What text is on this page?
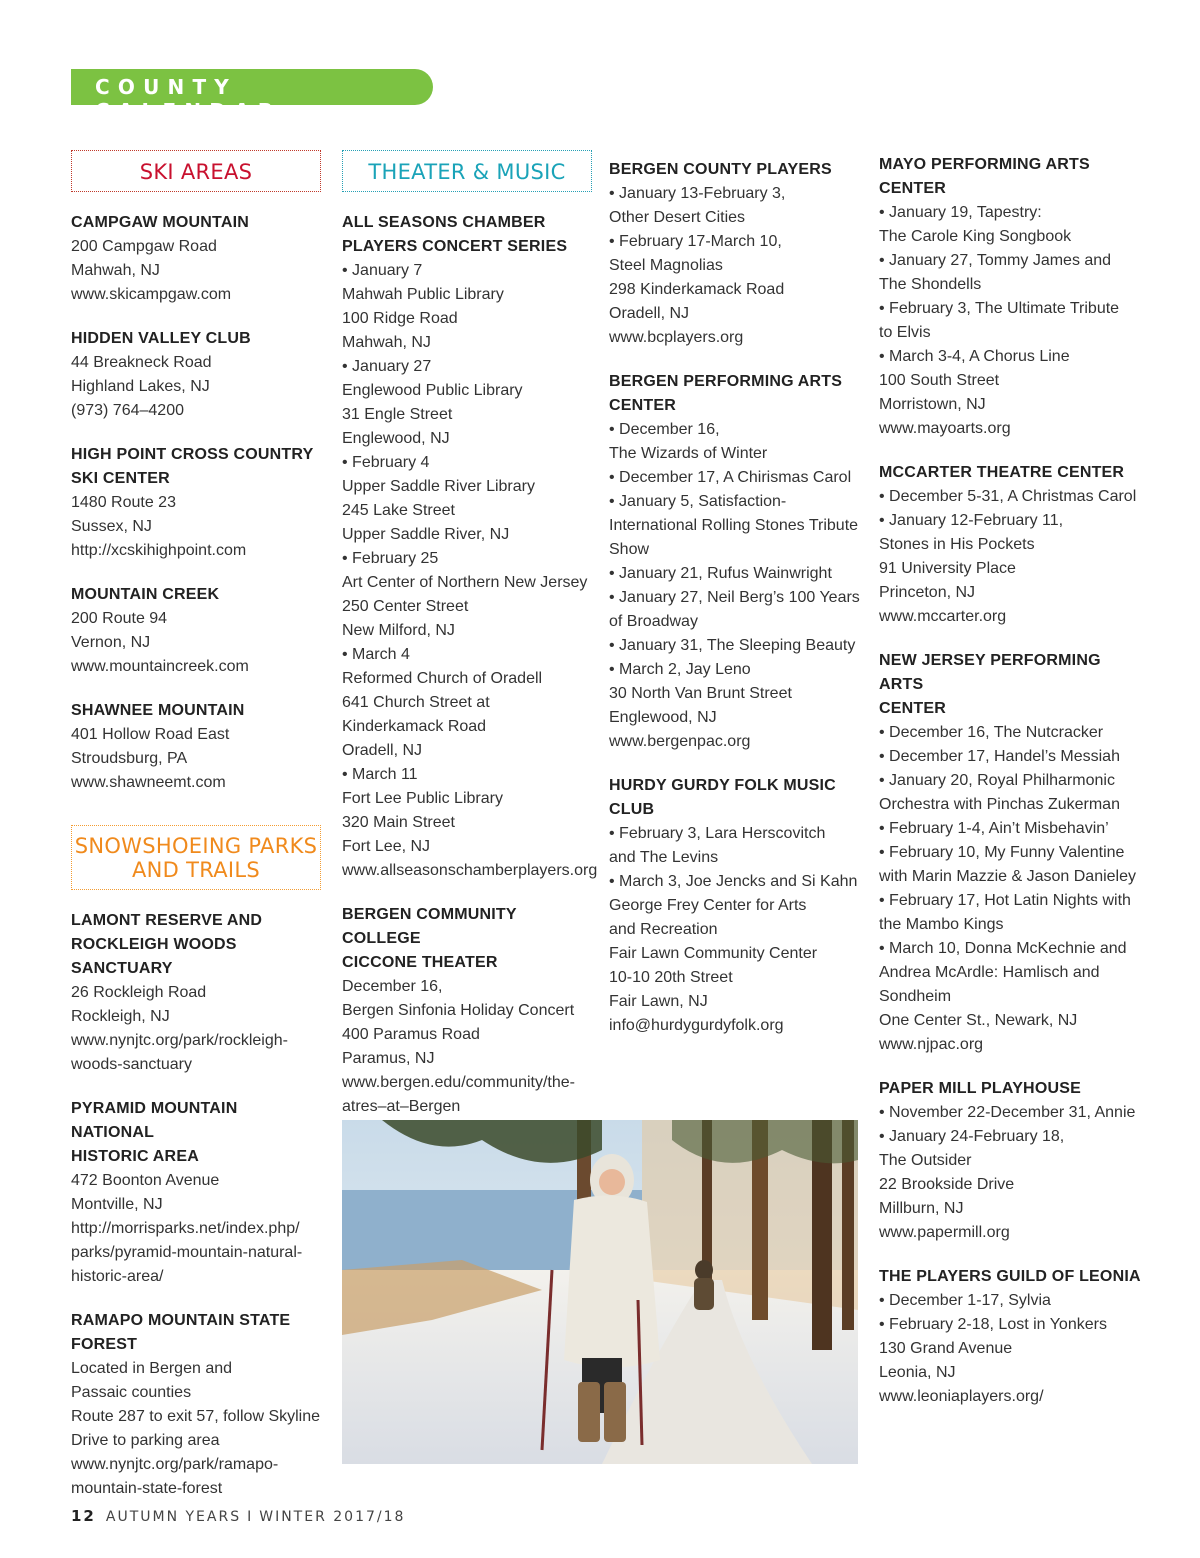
COUNTY CALENDAR
SKI AREAS
CAMPGAW MOUNTAIN
200 Campgaw Road
Mahwah, NJ
www.skicampgaw.com
HIDDEN VALLEY CLUB
44 Breakneck Road
Highland Lakes, NJ
(973) 764–4200
HIGH POINT CROSS COUNTRY
SKI CENTER
1480 Route 23
Sussex, NJ
http://xcskihighpoint.com
MOUNTAIN CREEK
200 Route 94
Vernon, NJ
www.mountaincreek.com
SHAWNEE MOUNTAIN
401 Hollow Road East
Stroudsburg, PA
www.shawneemt.com
SNOWSHOEING PARKS
AND TRAILS
LAMONT RESERVE AND
ROCKLEIGH WOODS SANCTUARY
26 Rockleigh Road
Rockleigh, NJ
www.nynjtc.org/park/rockleigh-
woods-sanctuary
PYRAMID MOUNTAIN NATIONAL
HISTORIC AREA
472 Boonton Avenue
Montville, NJ
http://morrisparks.net/index.php/
parks/pyramid-mountain-natural-
historic-area/
RAMAPO MOUNTAIN STATE
FOREST
Located in Bergen and
Passaic counties
Route 287 to exit 57, follow Skyline
Drive to parking area
www.nynjtc.org/park/ramapo-
mountain-state-forest
THEATER & MUSIC
ALL SEASONS CHAMBER
PLAYERS CONCERT SERIES
• January 7
Mahwah Public Library
100 Ridge Road
Mahwah, NJ
• January 27
Englewood Public Library
31 Engle Street
Englewood, NJ
• February 4
Upper Saddle River Library
245 Lake Street
Upper Saddle River, NJ
• February 25
Art Center of Northern New Jersey
250 Center Street
New Milford, NJ
• March 4
Reformed Church of Oradell
641 Church Street at
Kinderkamack Road
Oradell, NJ
• March 11
Fort Lee Public Library
320 Main Street
Fort Lee, NJ
www.allseasonschamberplayers.org
BERGEN COMMUNITY COLLEGE
CICCONE THEATER
December 16,
Bergen Sinfonia Holiday Concert
400 Paramus Road
Paramus, NJ
www.bergen.edu/community/the-
atres–at–Bergen
BERGEN COUNTY PLAYERS
• January 13-February 3,
Other Desert Cities
• February 17-March 10,
Steel Magnolias
298 Kinderkamack Road
Oradell, NJ
www.bcplayers.org
BERGEN PERFORMING ARTS
CENTER
• December 16,
The Wizards of Winter
• December 17, A Chirismas Carol
• January 5, Satisfaction-
International Rolling Stones Tribute
Show
• January 21, Rufus Wainwright
• January 27, Neil Berg’s 100 Years
of Broadway
• January 31, The Sleeping Beauty
• March 2, Jay Leno
30 North Van Brunt Street
Englewood, NJ
www.bergenpac.org
HURDY GURDY FOLK MUSIC
CLUB
• February 3, Lara Herscovitch
and The Levins
• March 3, Joe Jencks and Si Kahn
George Frey Center for Arts
and Recreation
Fair Lawn Community Center
10-10 20th Street
Fair Lawn, NJ
info@hurdygurdyfolk.org
MAYO PERFORMING ARTS CENTER
• January 19, Tapestry:
The Carole King Songbook
• January 27, Tommy James and
The Shondells
• February 3, The Ultimate Tribute
to Elvis
• March 3-4, A Chorus Line
100 South Street
Morristown, NJ
www.mayoarts.org
MCCARTER THEATRE CENTER
• December 5-31, A Christmas Carol
• January 12-February 11,
Stones in His Pockets
91 University Place
Princeton, NJ
www.mccarter.org
NEW JERSEY PERFORMING ARTS
CENTER
• December 16, The Nutcracker
• December 17, Handel’s Messiah
• January 20, Royal Philharmonic
Orchestra with Pinchas Zukerman
• February 1-4, Ain’t Misbehavin’
• February 10, My Funny Valentine
with Marin Mazzie & Jason Danieley
• February 17, Hot Latin Nights with
the Mambo Kings
• March 10, Donna McKechnie and
Andrea McArdle: Hamlisch and
Sondheim
One Center St., Newark, NJ
www.njpac.org
PAPER MILL PLAYHOUSE
• November 22-December 31, Annie
• January 24-February 18,
The Outsider
22 Brookside Drive
Millburn, NJ
www.papermill.org
THE PLAYERS GUILD OF LEONIA
• December 1-17, Sylvia
• February 2-18, Lost in Yonkers
130 Grand Avenue
Leonia, NJ
www.leoniaplayers.org/
12 AUTUMN YEARS I WINTER 2017/18
